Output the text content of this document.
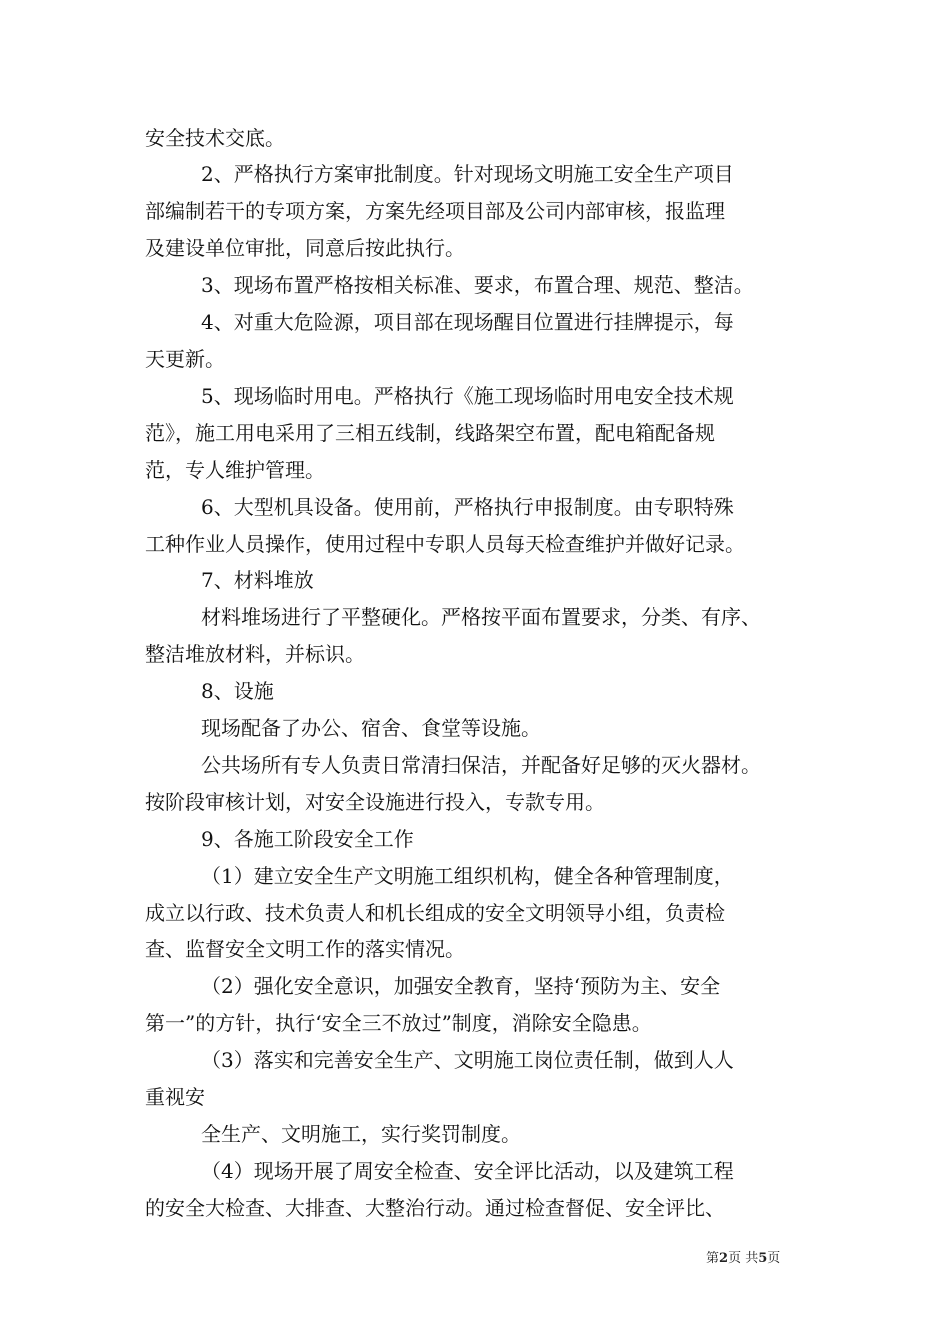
安全技术交底。
2、严格执行方案审批制度。针对现场文明施工安全生产项目
部编制若干的专项方案，方案先经项目部及公司内部审核，报监理
及建设单位审批，同意后按此执行。
3、现场布置严格按相关标准、要求，布置合理、规范、整洁。
4、对重大危险源，项目部在现场醒目位置进行挂牌提示，每
天更新。
5、现场临时用电。严格执行《施工现场临时用电安全技术规
范》，施工用电采用了三相五线制，线路架空布置，配电箱配备规
范，专人维护管理。
6、大型机具设备。使用前，严格执行申报制度。由专职特殊
工种作业人员操作，使用过程中专职人员每天检查维护并做好记录。
7、材料堆放
材料堆场进行了平整硬化。严格按平面布置要求，分类、有序、
整洁堆放材料，并标识。
8、设施
现场配备了办公、宿舍、食堂等设施。
公共场所有专人负责日常清扫保洁，并配备好足够的灭火器材。
按阶段审核计划，对安全设施进行投入，专款专用。
9、各施工阶段安全工作
（1）建立安全生产文明施工组织机构，健全各种管理制度，
成立以行政、技术负责人和机长组成的安全文明领导小组，负责检
查、监督安全文明工作的落实情况。
（2）强化安全意识，加强安全教育，坚持‘预防为主、安全
第一”的方针，执行‘安全三不放过”制度，消除安全隐患。
（3）落实和完善安全生产、文明施工岗位责任制，做到人人
重视安
全生产、文明施工，实行奖罚制度。
（4）现场开展了周安全检查、安全评比活动，以及建筑工程
的安全大检查、大排查、大整治行动。通过检查督促、安全评比、
第2页 共5页
